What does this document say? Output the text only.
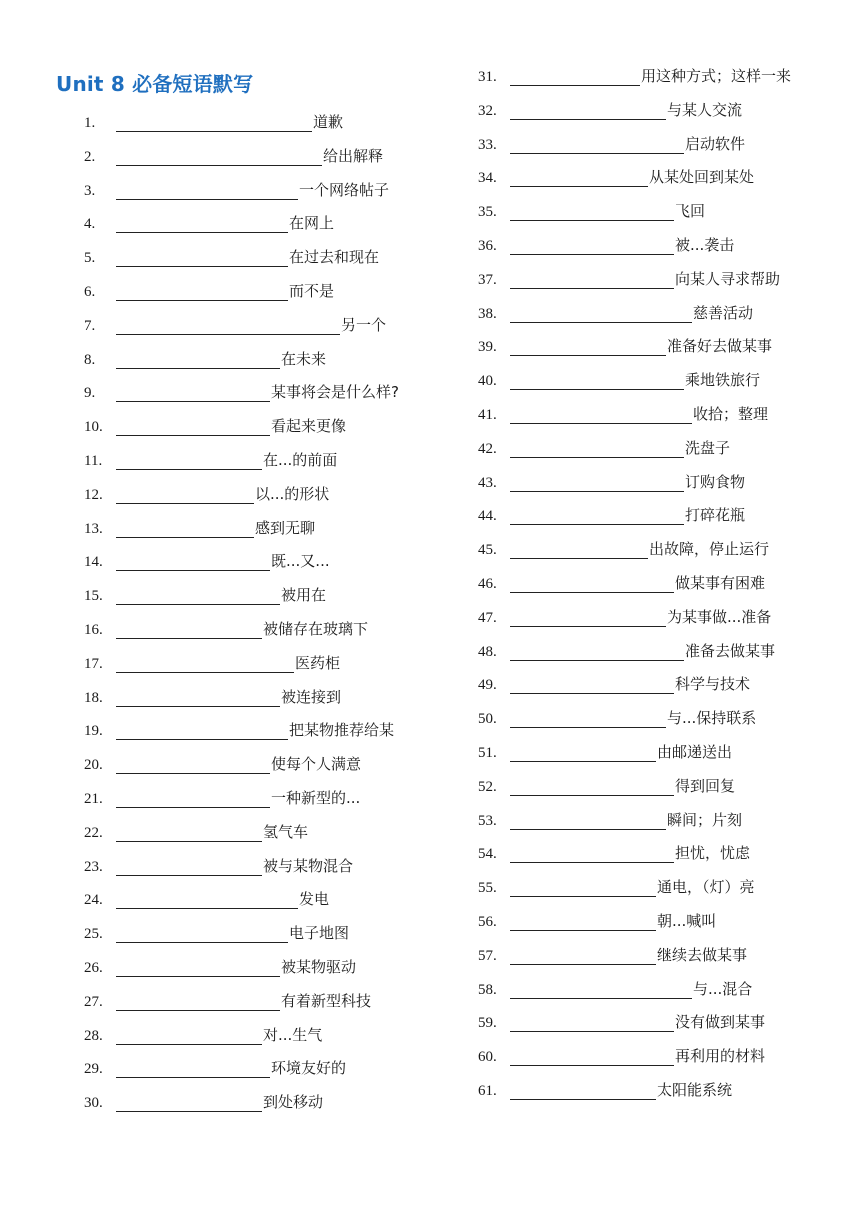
Unit 8 必备短语默写
1.	道歉
2.	给出解释
3.	一个网络帖子
4.	在网上
5.	在过去和现在
6.	而不是
7.	另一个
8.	在未来
9.	某事将会是什么样?
10.	看起来更像
11.	在...的前面
12.	以...的形状
13.	感到无聊
14.	既...又...
15.	被用在
16.	被储存在玻璃下
17.	医药柜
18.	被连接到
19.	把某物推荐给某
20.	使每个人满意
21.	一种新型的...
22.	氢气车
23.	被与某物混合
24.	发电
25.	电子地图
26.	被某物驱动
27.	有着新型科技
28.	对...生气
29.	环境友好的
30.	到处移动
31.	用这种方式；这样一来
32.	与某人交流
33.	启动软件
34.	从某处回到某处
35.	飞回
36.	被...袭击
37.	向某人寻求帮助
38.	慈善活动
39.	准备好去做某事
40.	乘地铁旅行
41.	收拾；整理
42.	洗盘子
43.	订购食物
44.	打碎花瓶
45.	出故障，停止运行
46.	做某事有困难
47.	为某事做...准备
48.	准备去做某事
49.	科学与技术
50.	与...保持联系
51.	由邮递送出
52.	得到回复
53.	瞬间；片刻
54.	担忧，忧虑
55.	通电，（灯）亮
56.	朝...喊叫
57.	继续去做某事
58.	与...混合
59.	没有做到某事
60.	再利用的材料
61.	太阳能系统
